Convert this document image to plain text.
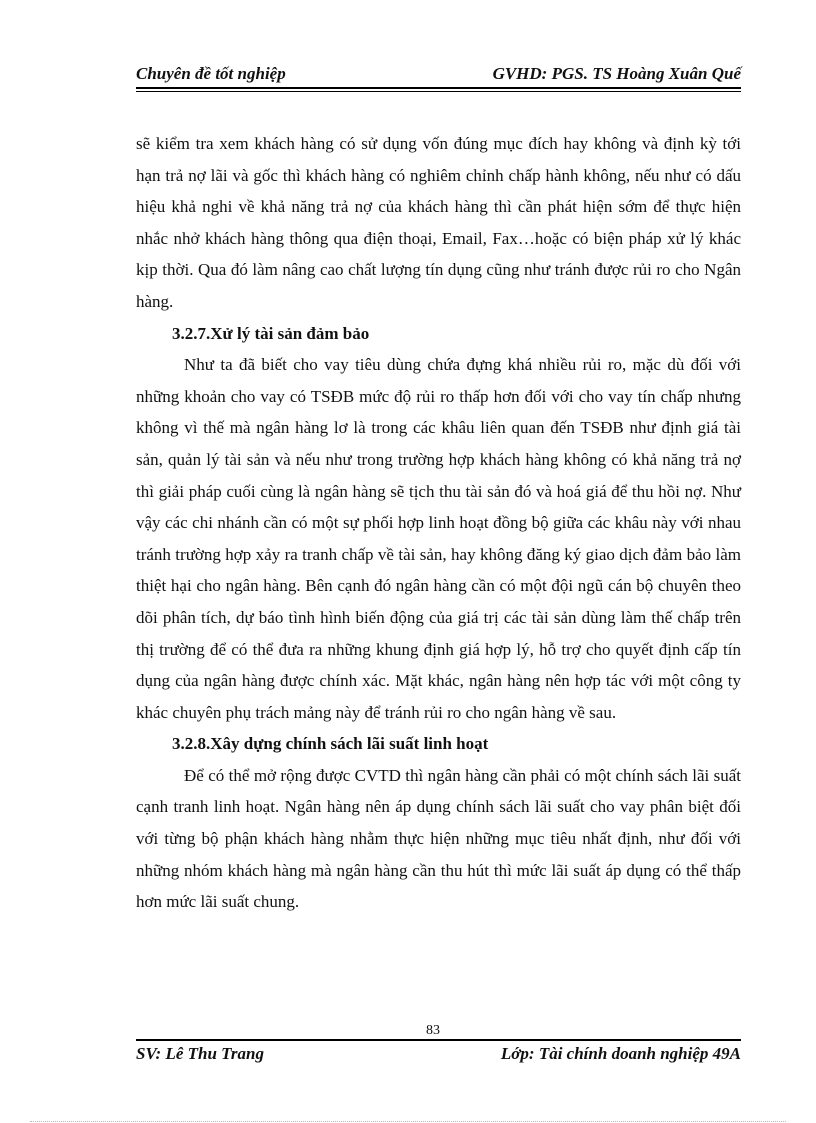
Chuyên đề tốt nghiệp	GVHD: PGS. TS Hoàng Xuân Quế

sẽ kiểm tra xem khách hàng có sử dụng vốn đúng mục đích hay không và định kỳ tới hạn trả nợ lãi và gốc thì khách hàng có nghiêm chỉnh chấp hành không, nếu như có dấu hiệu khả nghi về khả năng trả nợ của khách hàng thì cần phát hiện sớm để thực hiện nhắc nhở khách hàng thông qua điện thoại, Email, Fax…hoặc có biện pháp xử lý khác kịp thời. Qua đó làm nâng cao chất lượng tín dụng cũng như tránh được rủi ro cho Ngân hàng.

3.2.7.Xử lý tài sản đảm bảo

Như ta đã biết cho vay tiêu dùng chứa đựng khá nhiều rủi ro, mặc dù đối với những khoản cho vay có TSĐB mức độ rủi ro thấp hơn đối với cho vay tín chấp nhưng không vì thế mà ngân hàng lơ là trong các khâu liên quan đến TSĐB như định giá tài sản, quản lý tài sản và nếu như trong trường hợp khách hàng không có khả năng trả nợ thì giải pháp cuối cùng là ngân hàng sẽ tịch thu tài sản đó và hoá giá để thu hồi nợ. Như vậy các chi nhánh cần có một sự phối hợp linh hoạt đồng bộ giữa các khâu này với nhau tránh trường hợp xảy ra tranh chấp về tài sản, hay không đăng ký giao dịch đảm bảo làm thiệt hại cho ngân hàng. Bên cạnh đó ngân hàng cần có một đội ngũ cán bộ chuyên theo dõi phân tích, dự báo tình hình biến động của giá trị các tài sản dùng làm thế chấp trên thị trường để có thể đưa ra những khung định giá hợp lý, hỗ trợ cho quyết định cấp tín dụng của ngân hàng được chính xác. Mặt khác, ngân hàng nên hợp tác với một công ty khác chuyên phụ trách mảng này để tránh rủi ro cho ngân hàng về sau.

3.2.8.Xây dựng chính sách lãi suất linh hoạt

Để có thể mở rộng được CVTD thì ngân hàng cần phải có một chính sách lãi suất cạnh tranh linh hoạt. Ngân hàng nên áp dụng chính sách lãi suất cho vay phân biệt đối với từng bộ phận khách hàng nhằm thực hiện những mục tiêu nhất định, như đối với những nhóm khách hàng mà ngân hàng cần thu hút thì mức lãi suất áp dụng có thể thấp hơn mức lãi suất chung.

83
SV: Lê Thu Trang	Lớp: Tài chính doanh nghiệp 49A
